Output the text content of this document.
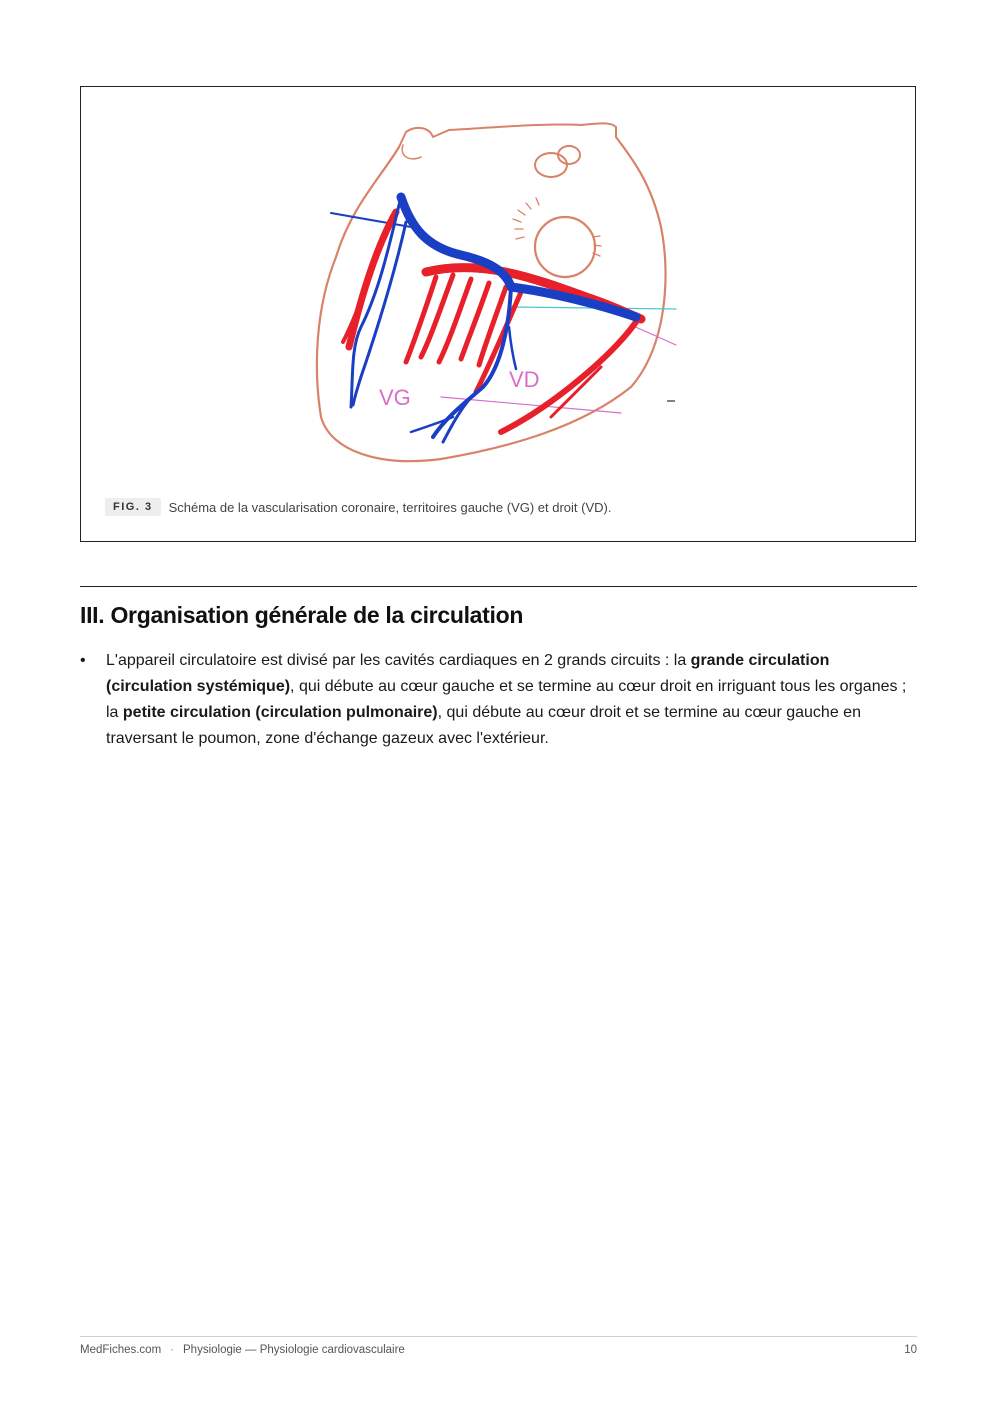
VG
VD
FIG. 3	Schéma de la vascularisation coronaire, territoires gauche (VG) et droit (VD).
III. Organisation générale de la circulation
• L'appareil circulatoire est divisé par les cavités cardiaques en 2 grands circuits : la grande circulation (circulation systémique), qui débute au cœur gauche et se termine au cœur droit en irriguant tous les organes ; la petite circulation (circulation pulmonaire), qui débute au cœur droit et se termine au cœur gauche en traversant le poumon, zone d'échange gazeux avec l'extérieur.
MedFiches.com · Physiologie — Physiologie cardiovasculaire	10
